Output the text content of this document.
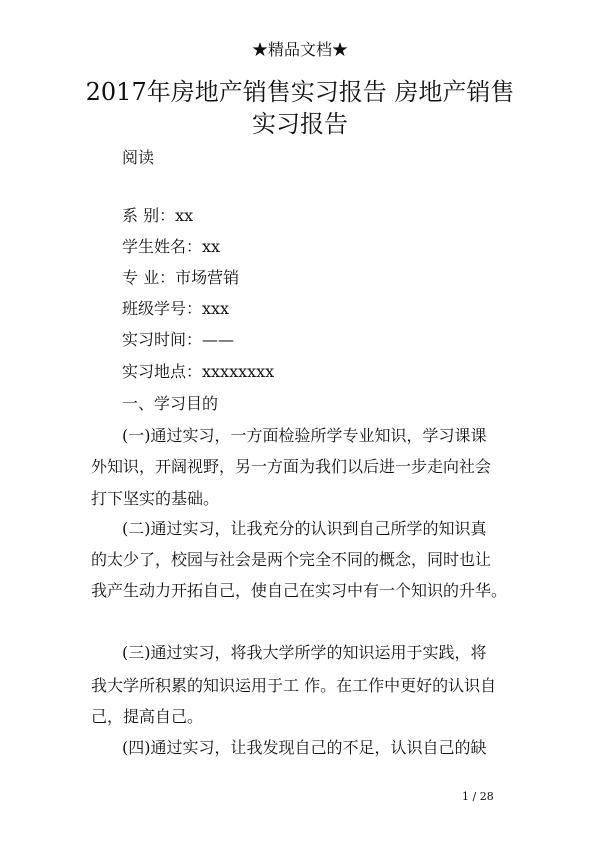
★精品文档★
2017年房地产销售实习报告 房地产销售
实习报告
阅读
系 别：xx
学生姓名：xx
专 业：市场营销
班级学号：xxx
实习时间：——
实习地点：xxxxxxxx
一、学习目的
(一)通过实习，一方面检验所学专业知识，学习课课
外知识，开阔视野，另一方面为我们以后进一步走向社会
打下坚实的基础。
(二)通过实习，让我充分的认识到自己所学的知识真
的太少了，校园与社会是两个完全不同的概念，同时也让
我产生动力开拓自己，使自己在实习中有一个知识的升华。
(三)通过实习，将我大学所学的知识运用于实践，将
我大学所积累的知识运用于工 作。在工作中更好的认识自
己，提高自己。
(四)通过实习，让我发现自己的不足，认识自己的缺
1 / 28
